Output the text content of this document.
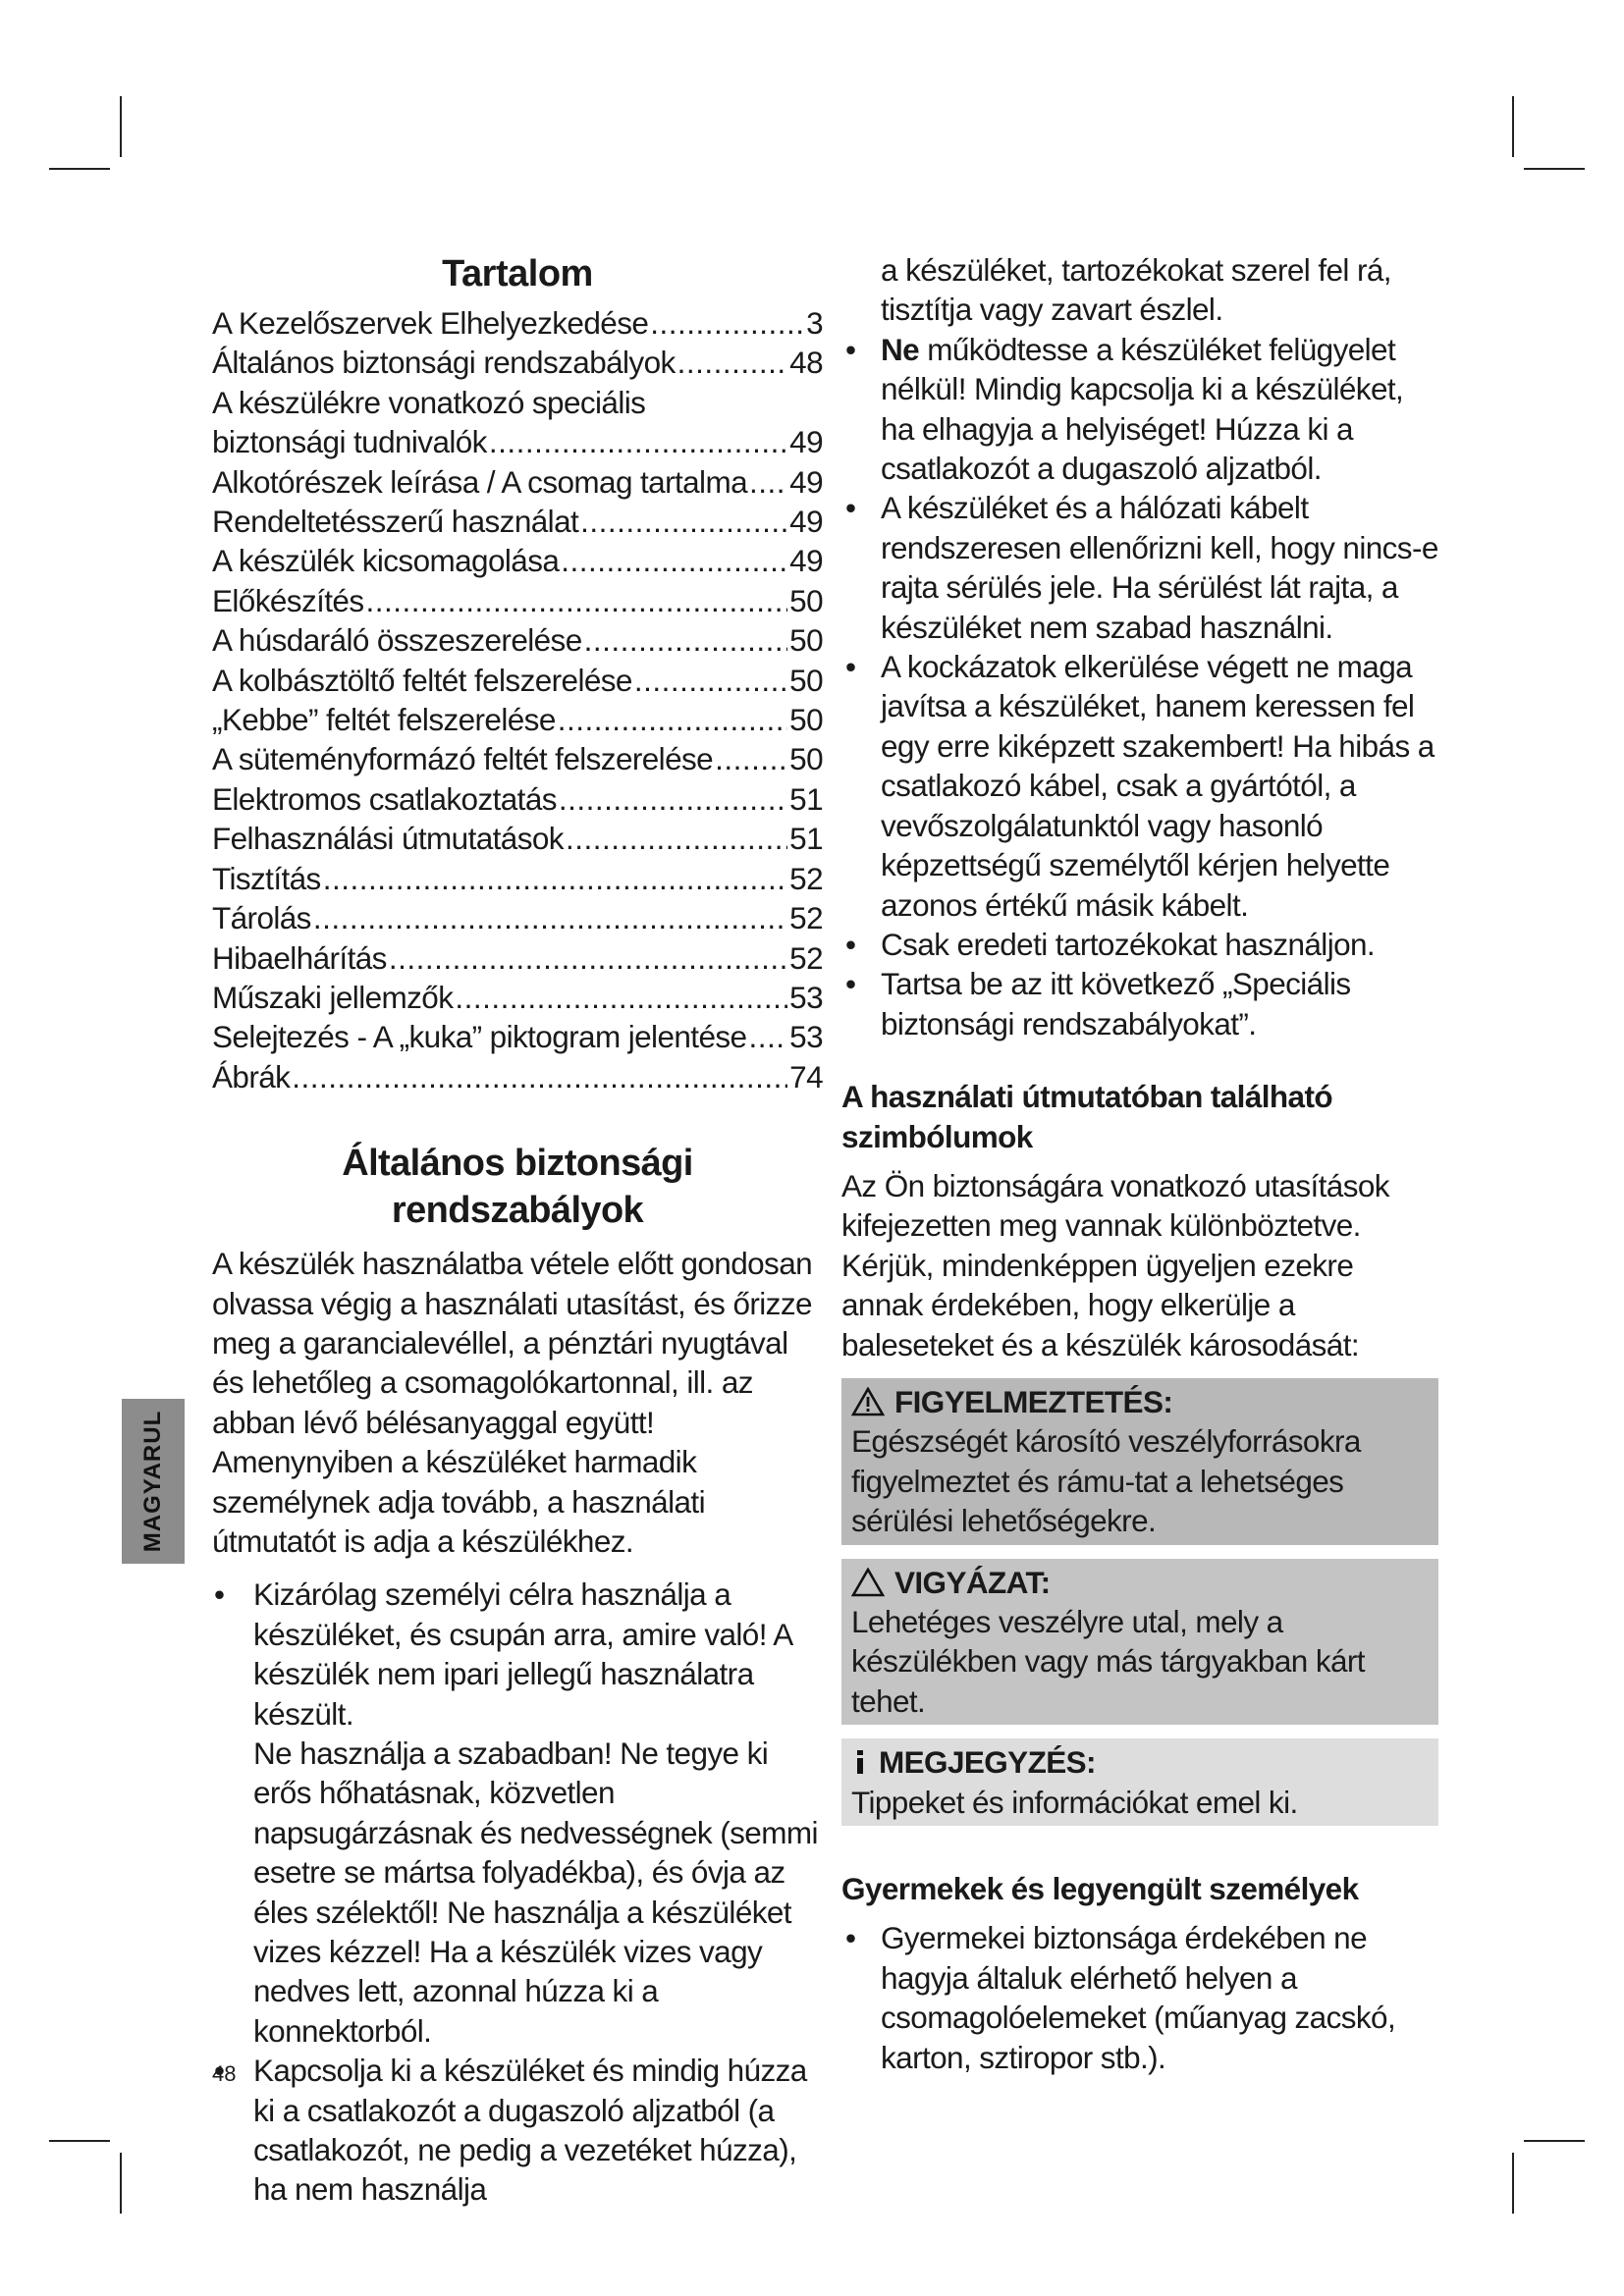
MAGYARUL
Tartalom
A Kezelőszervek Elhelyezkedése .....	3
Általános biztonsági rendszabályok .....	48
A készülékre vonatkozó speciális
biztonsági tudnivalók .....	49
Alkotórészek leírása / A csomag tartalma ..... 49
Rendeltetésszerű használat .....	49
A készülék kicsomagolása .....	49
Előkészítés .....	50
A húsdaráló összeszerelése .....	50
A kolbásztöltő feltét felszerelése .....	50
„Kebbe” feltét felszerelése .....	50
A süteményformázó feltét felszerelése ..... 50
Elektromos csatlakoztatás .....	51
Felhasználási útmutatások .....	51
Tisztítás .....	52
Tárolás .....	52
Hibaelhárítás .....	52
Műszaki jellemzők .....	53
Selejtezés - A „kuka” piktogram jelentése ..... 53
Ábrák .....	74
Általános biztonsági rendszabályok

A készülék használatba vétele előtt gondosan olvassa végig a használati utasítást, és őrizze meg a garancialevéllel, a pénztári nyugtával és lehetőleg a csomagolókartonnal, ill. az abban lévő bélésanyaggal együtt! Amenynyiben a készüléket harmadik személynek adja tovább, a használati útmutatót is adja a készülékhez.

• Kizárólag személyi célra használja a készüléket, és csupán arra, amire való! A készülék nem ipari jellegű használatra készült.
Ne használja a szabadban! Ne tegye ki erős hőhatásnak, közvetlen napsugárzásnak és nedvességnek (semmi esetre se mártsa folyadékba), és óvja az éles szélektől! Ne használja a készüléket vizes kézzel! Ha a készülék vizes vagy nedves lett, azonnal húzza ki a konnektorból.
• Kapcsolja ki a készüléket és mindig húzza ki a csatlakozót a dugaszoló aljzatból (a csatlakozót, ne pedig a vezetéket húzza), ha nem használja

a készüléket, tartozékokat szerel fel rá, tisztítja vagy zavart észlel.

• Ne működtesse a készüléket felügyelet nélkül! Mindig kapcsolja ki a készüléket, ha elhagyja a helyiséget! Húzza ki a csatlakozót a dugaszoló aljzatból.
• A készüléket és a hálózati kábelt rendszeresen ellenőrizni kell, hogy nincs-e rajta sérülés jele. Ha sérülést lát rajta, a készüléket nem szabad használni.
• A kockázatok elkerülése végett ne maga javítsa a készüléket, hanem keressen fel egy erre kiképzett szakembert! Ha hibás a csatlakozó kábel, csak a gyártótól, a vevőszolgálatunktól vagy hasonló képzettségű személytől kérjen helyette azonos értékű másik kábelt.
• Csak eredeti tartozékokat használjon.
• Tartsa be az itt következő „Speciális biztonsági rendszabályokat”.
A használati útmutatóban található szimbólumok

Az Ön biztonságára vonatkozó utasítások kifejezetten meg vannak különböztetve. Kérjük, mindenképpen ügyeljen ezekre annak érdekében, hogy elkerülje a baleseteket és a készülék károsodását:

FIGYELMEZTETÉS:
Egészségét károsító veszélyforrásokra figyelmeztet és rámu-tat a lehetséges sérülési lehetőségekre.
VIGYÁZAT:
Lehetéges veszélyre utal, mely a készülékben vagy más tárgyakban kárt tehet.
MEGJEGYZÉS:
Tippeket és információkat emel ki.
Gyermekek és legyengült személyek
• Gyermekei biztonsága érdekében ne hagyja általuk elérhető helyen a csomagolóelemeket (műanyag zacskó, karton, sztiropor stb.).
48
